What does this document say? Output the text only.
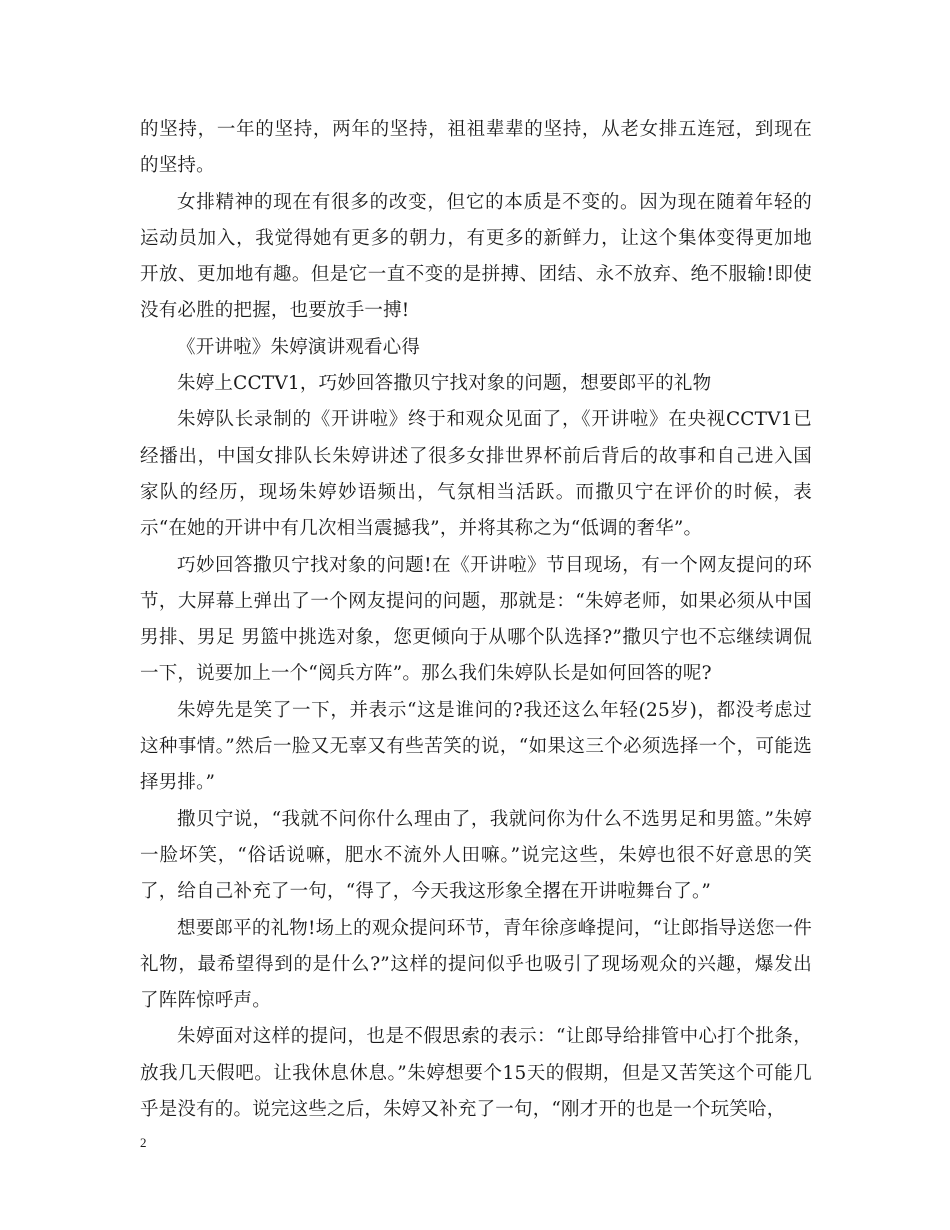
的坚持，一年的坚持，两年的坚持，祖祖辈辈的坚持，从老女排五连冠，到现在的坚持。

女排精神的现在有很多的改变，但它的本质是不变的。因为现在随着年轻的运动员加入，我觉得她有更多的朝力，有更多的新鲜力，让这个集体变得更加地开放、更加地有趣。但是它一直不变的是拼搏、团结、永不放弃、绝不服输!即使没有必胜的把握，也要放手一搏!

《开讲啦》朱婷演讲观看心得

朱婷上CCTV1，巧妙回答撒贝宁找对象的问题，想要郎平的礼物

朱婷队长录制的《开讲啦》终于和观众见面了，《开讲啦》在央视CCTV1已经播出，中国女排队长朱婷讲述了很多女排世界杯前后背后的故事和自己进入国家队的经历，现场朱婷妙语频出，气氛相当活跃。而撒贝宁在评价的时候，表示“在她的开讲中有几次相当震撼我”，并将其称之为“低调的奢华”。

巧妙回答撒贝宁找对象的问题!在《开讲啦》节目现场，有一个网友提问的环节，大屏幕上弹出了一个网友提问的问题，那就是：“朱婷老师，如果必须从中国男排、男足 男篮中挑选对象，您更倾向于从哪个队选择?”撒贝宁也不忘继续调侃一下，说要加上一个“阅兵方阵”。那么我们朱婷队长是如何回答的呢?

朱婷先是笑了一下，并表示“这是谁问的?我还这么年轻(25岁)，都没考虑过这种事情。”然后一脸又无辜又有些苦笑的说，“如果这三个必须选择一个，可能选择男排。”

撒贝宁说，“我就不问你什么理由了，我就问你为什么不选男足和男篮。”朱婷一脸坏笑，“俗话说嘛，肥水不流外人田嘛。”说完这些，朱婷也很不好意思的笑了，给自己补充了一句，“得了，今天我这形象全撂在开讲啦舞台了。”

想要郎平的礼物!场上的观众提问环节，青年徐彦峰提问，“让郎指导送您一件礼物，最希望得到的是什么?”这样的提问似乎也吸引了现场观众的兴趣，爆发出了阵阵惊呼声。

朱婷面对这样的提问，也是不假思索的表示：“让郎导给排管中心打个批条，放我几天假吧。让我休息休息。”朱婷想要个15天的假期，但是又苦笑这个可能几乎是没有的。说完这些之后，朱婷又补充了一句，“刚才开的也是一个玩笑哈，

2
